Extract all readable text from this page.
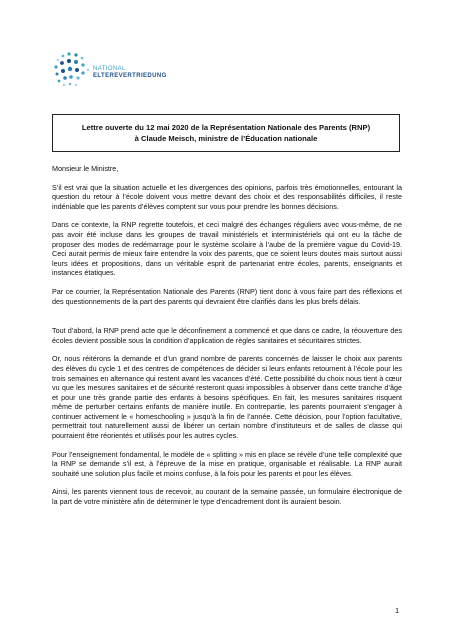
NATIONAL
ELTEREVERTRIEDUNG
Lettre ouverte du 12 mai 2020 de la Représentation Nationale des Parents (RNP)
à Claude Meisch, ministre de l’Éducation nationale

Monsieur le Ministre,

S’il est vrai que la situation actuelle et les divergences des opinions, parfois très émotionnelles, entourant la question du retour à l’école doivent vous mettre devant des choix et des responsabilités difficiles, il reste indéniable que les parents d’élèves comptent sur vous pour prendre les bonnes décisions.

Dans ce contexte, la RNP regrette toutefois, et ceci malgré des échanges réguliers avec vous-même, de ne pas avoir été incluse dans les groupes de travail ministériels et interministériels qui ont eu la tâche de proposer des modes de redémarrage pour le système scolaire à l’aube de la première vague du Covid-19. Ceci aurait permis de mieux faire entendre la voix des parents, que ce soient leurs doutes mais surtout aussi leurs idées et propositions, dans un véritable esprit de partenariat entre écoles, parents, enseignants et instances étatiques.

Par ce courrier, la Représentation Nationale des Parents (RNP) tient donc à vous faire part des réflexions et des questionnements de la part des parents qui devraient être clarifiés dans les plus brefs délais.

Tout d’abord, la RNP prend acte que le déconfinement a commencé et que dans ce cadre, la réouverture des écoles devient possible sous la condition d’application de règles sanitaires et sécuritaires strictes.

Or, nous réitérons la demande et d’un grand nombre de parents concernés de laisser le choix aux parents des élèves du cycle 1 et des centres de compétences de décider si leurs enfants retournent à l’école pour les trois semaines en alternance qui restent avant les vacances d’été. Cette possibilité du choix nous tient à cœur vu que les mesures sanitaires et de sécurité resteront quasi impossibles à observer dans cette tranche d’âge et pour une très grande partie des enfants à besoins spécifiques. En fait, les mesures sanitaires risquent même de perturber certains enfants de manière inutile. En contrepartie, les parents pourraient s’engager à continuer activement le « homeschooling » jusqu’à la fin de l’année. Cette décision, pour l’option facultative, permettrait tout naturellement aussi de libérer un certain nombre d’instituteurs et de salles de classe qui pourraient être réorientés et utilisés pour les autres cycles.

Pour l’enseignement fondamental, le modèle de « splitting » mis en place se révèle d’une telle complexité que la RNP se demande s’il est, à l’épreuve de la mise en pratique, organisable et réalisable. La RNP aurait souhaité une solution plus facile et moins confuse, à la fois pour les parents et pour les élèves.

Ainsi, les parents viennent tous de recevoir, au courant de la semaine passée, un formulaire électronique de la part de votre ministère afin de déterminer le type d’encadrement dont ils auraient besoin.

1
